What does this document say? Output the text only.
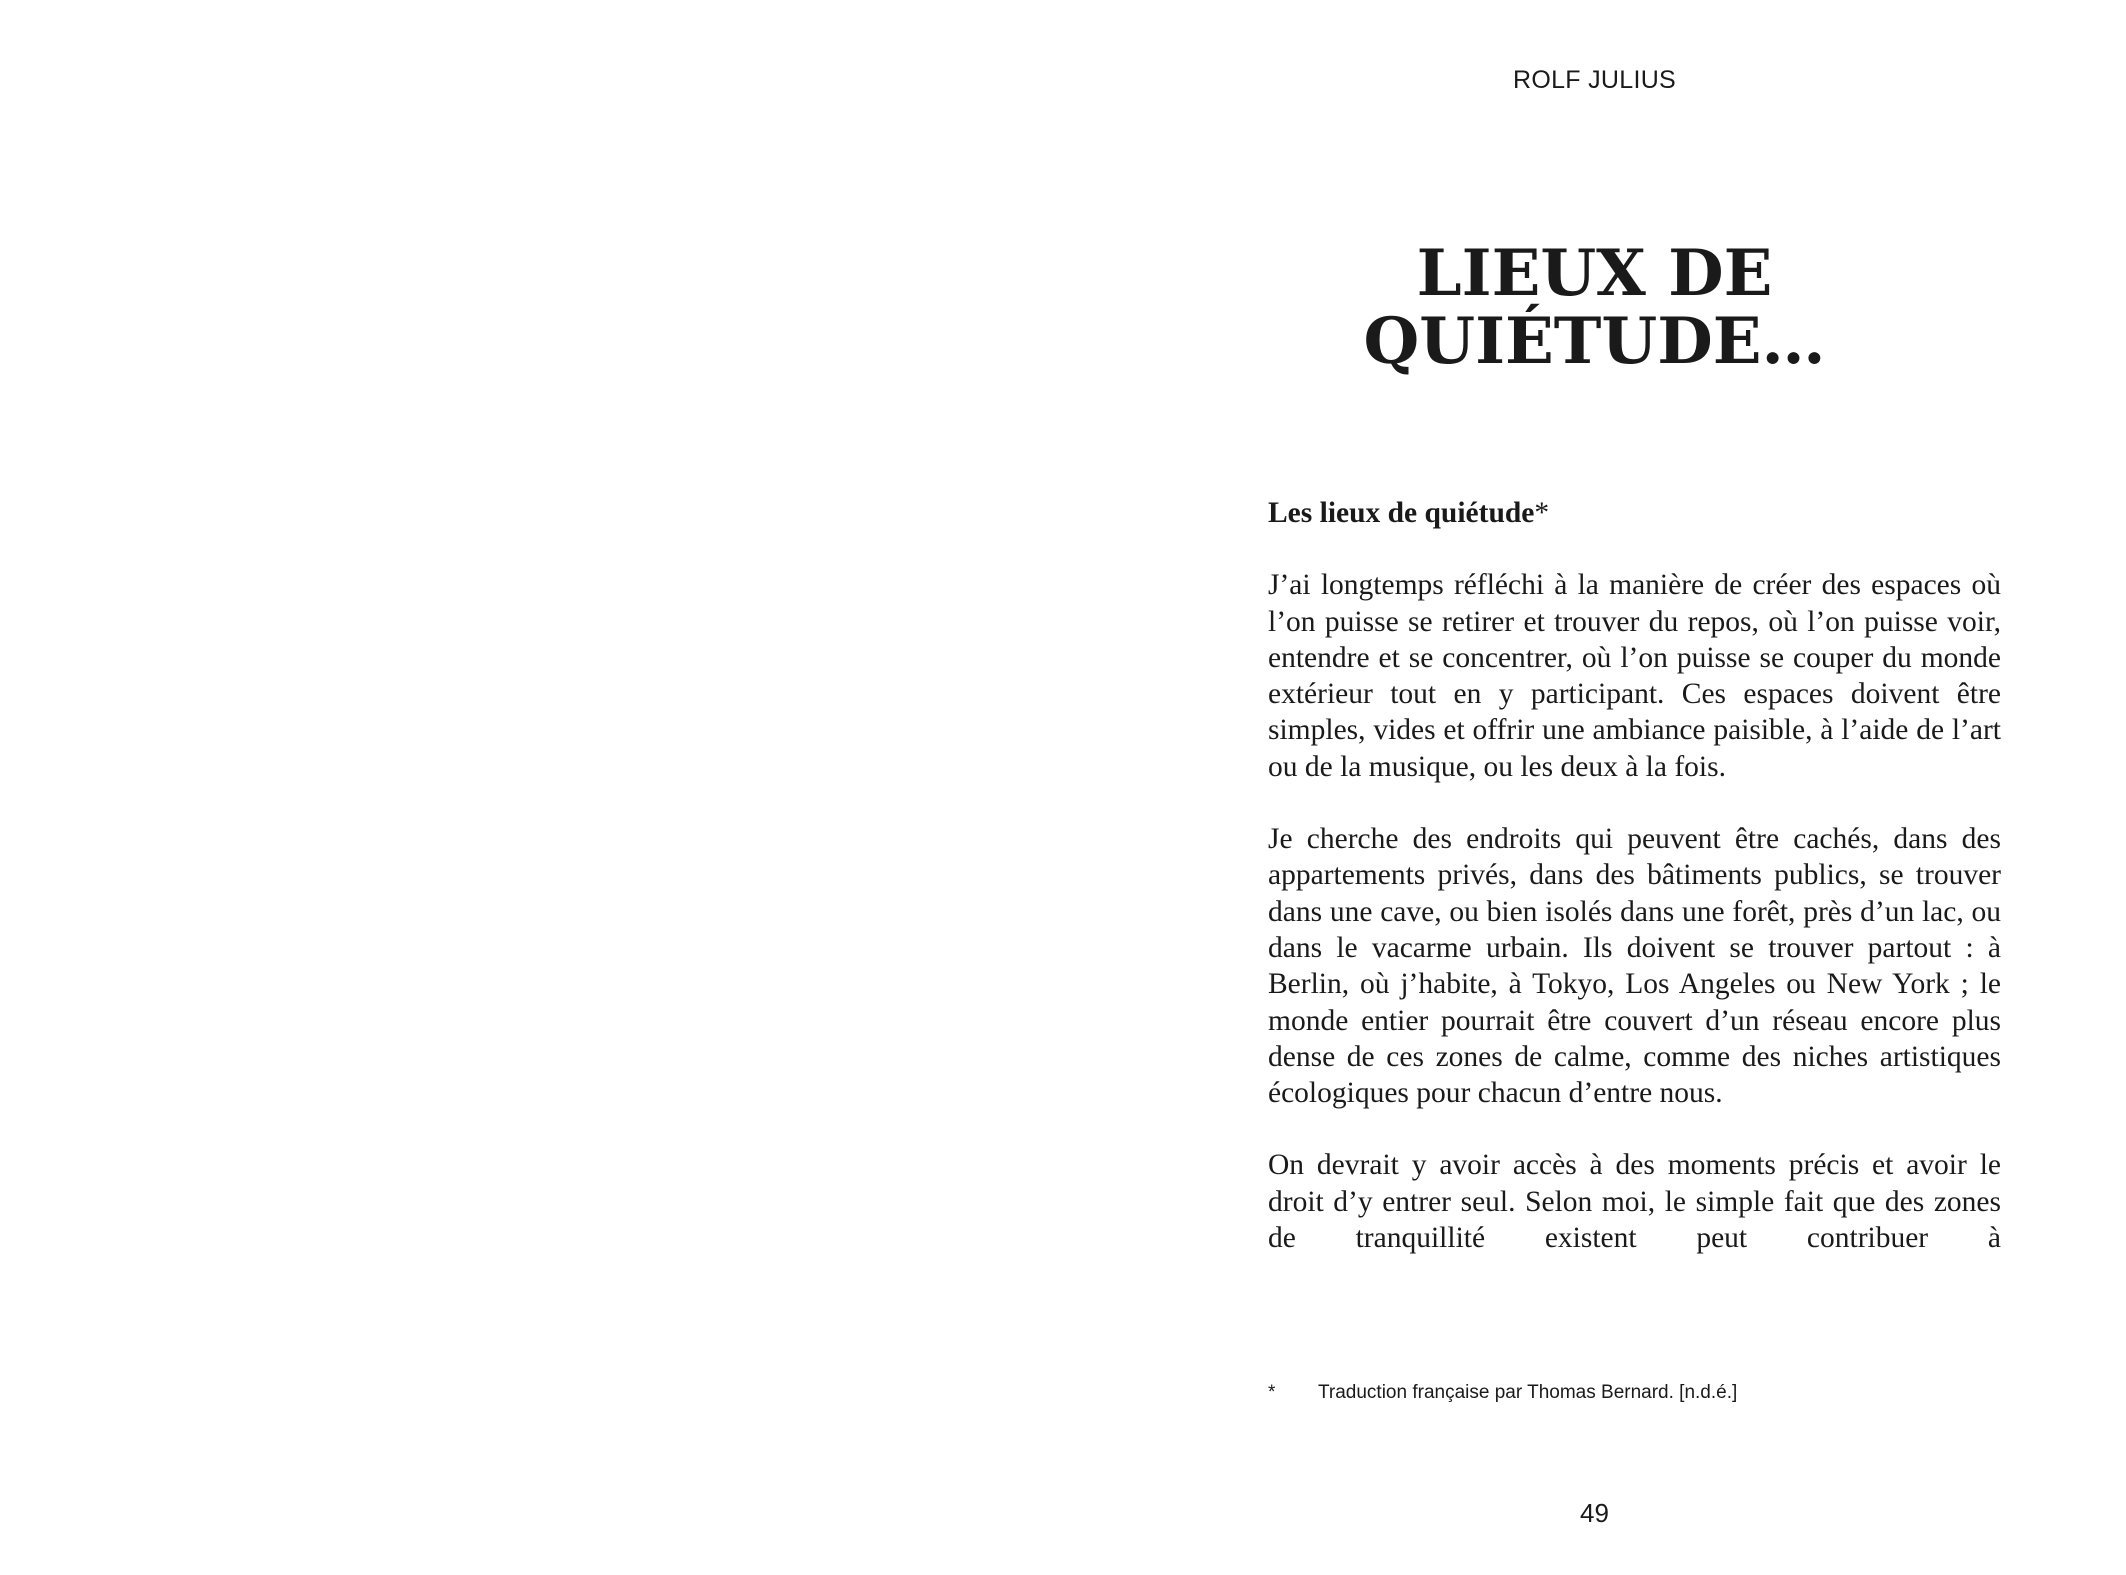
ROLF JULIUS
LIEUX DE
QUIÉTUDE…

Les lieux de quiétude*

J’ai longtemps réfléchi à la manière de créer des espaces où l’on puisse se retirer et trouver du repos, où l’on puisse voir, entendre et se concentrer, où l’on puisse se couper du monde extérieur tout en y participant. Ces espaces doivent être simples, vides et offrir une ambiance paisible, à l’aide de l’art ou de la musique, ou les deux à la fois.

Je cherche des endroits qui peuvent être cachés, dans des appartements privés, dans des bâtiments publics, se trouver dans une cave, ou bien isolés dans une forêt, près d’un lac, ou dans le vacarme urbain. Ils doivent se trouver partout : à Berlin, où j’habite, à Tokyo, Los Angeles ou New York ; le monde entier pourrait être couvert d’un réseau encore plus dense de ces zones de calme, comme des niches artistiques écologiques pour chacun d’entre nous.

On devrait y avoir accès à des moments précis et avoir le droit d’y entrer seul. Selon moi, le simple fait que des zones de tranquillité existent peut contribuer à

*	Traduction française par Thomas Bernard. [n.d.é.]
49
